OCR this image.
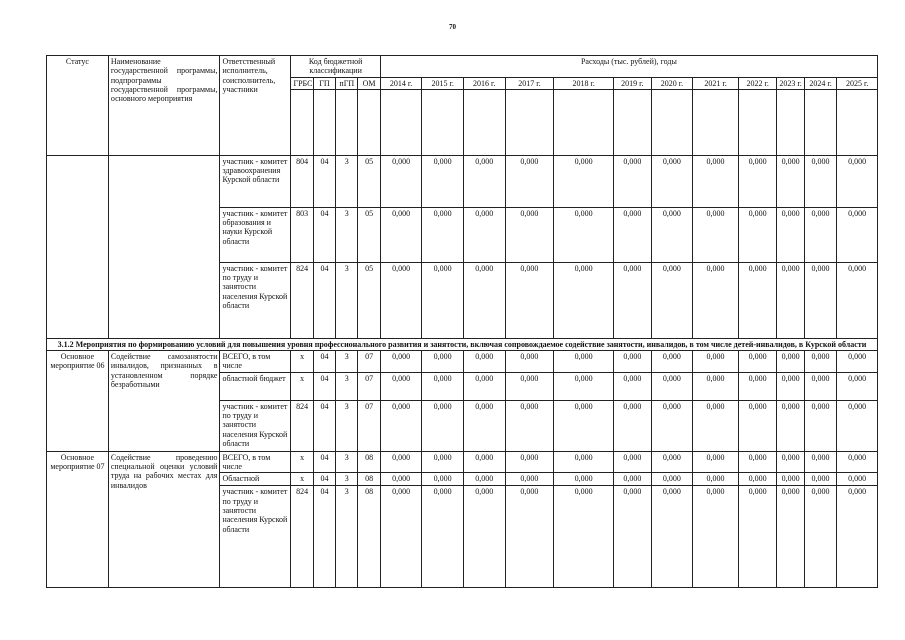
70
Статус	Наименование государственной программы, подпрограммы государственной программы, основного мероприятия	Ответственный исполнитель, соисполнитель, участники	Код бюджетной классификации				Расходы (тыс. рублей), годы											
			ГРБС	ГП	пГП	ОМ	2014 г.	2015 г.	2016 г.	2017 г.	2018 г.	2019 г.	2020 г.	2021 г.	2022 г.	2023 г.	2024 г.	2025 г.

		участник - комитет здравоохранения Курской области	804	04	3	05	0,000	0,000	0,000	0,000	0,000	0,000	0,000	0,000	0,000	0,000	0,000	0,000
		участник - комитет образования и науки Курской области	803	04	3	05	0,000	0,000	0,000	0,000	0,000	0,000	0,000	0,000	0,000	0,000	0,000	0,000
		участник - комитет по труду и занятости населения Курской области	824	04	3	05	0,000	0,000	0,000	0,000	0,000	0,000	0,000	0,000	0,000	0,000	0,000	0,000
3.1.2 Мероприятия по формированию условий для повышения уровня профессионального развития и занятости, включая сопровождаемое содействие занятости, инвалидов, в том числе детей-инвалидов, в Курской области																		
Основное мероприятие 06	Содействие самозанятости инвалидов, признанных в установленном порядке безработными	ВСЕГО, в том числе	х	04	3	07	0,000	0,000	0,000	0,000	0,000	0,000	0,000	0,000	0,000	0,000	0,000	0,000
		областной бюджет	х	04	3	07	0,000	0,000	0,000	0,000	0,000	0,000	0,000	0,000	0,000	0,000	0,000	0,000
		участник - комитет по труду и занятости населения Курской области	824	04	3	07	0,000	0,000	0,000	0,000	0,000	0,000	0,000	0,000	0,000	0,000	0,000	0,000
Основное мероприятие 07	Содействие проведению специальной оценки условий труда на рабочих местах для инвалидов	ВСЕГО, в том числе	х	04	3	08	0,000	0,000	0,000	0,000	0,000	0,000	0,000	0,000	0,000	0,000	0,000	0,000
		Областной	х	04	3	08	0,000	0,000	0,000	0,000	0,000	0,000	0,000	0,000	0,000	0,000	0,000	0,000
		участник - комитет по труду и занятости населения Курской области	824	04	3	08	0,000	0,000	0,000	0,000	0,000	0,000	0,000	0,000	0,000	0,000	0,000	0,000
